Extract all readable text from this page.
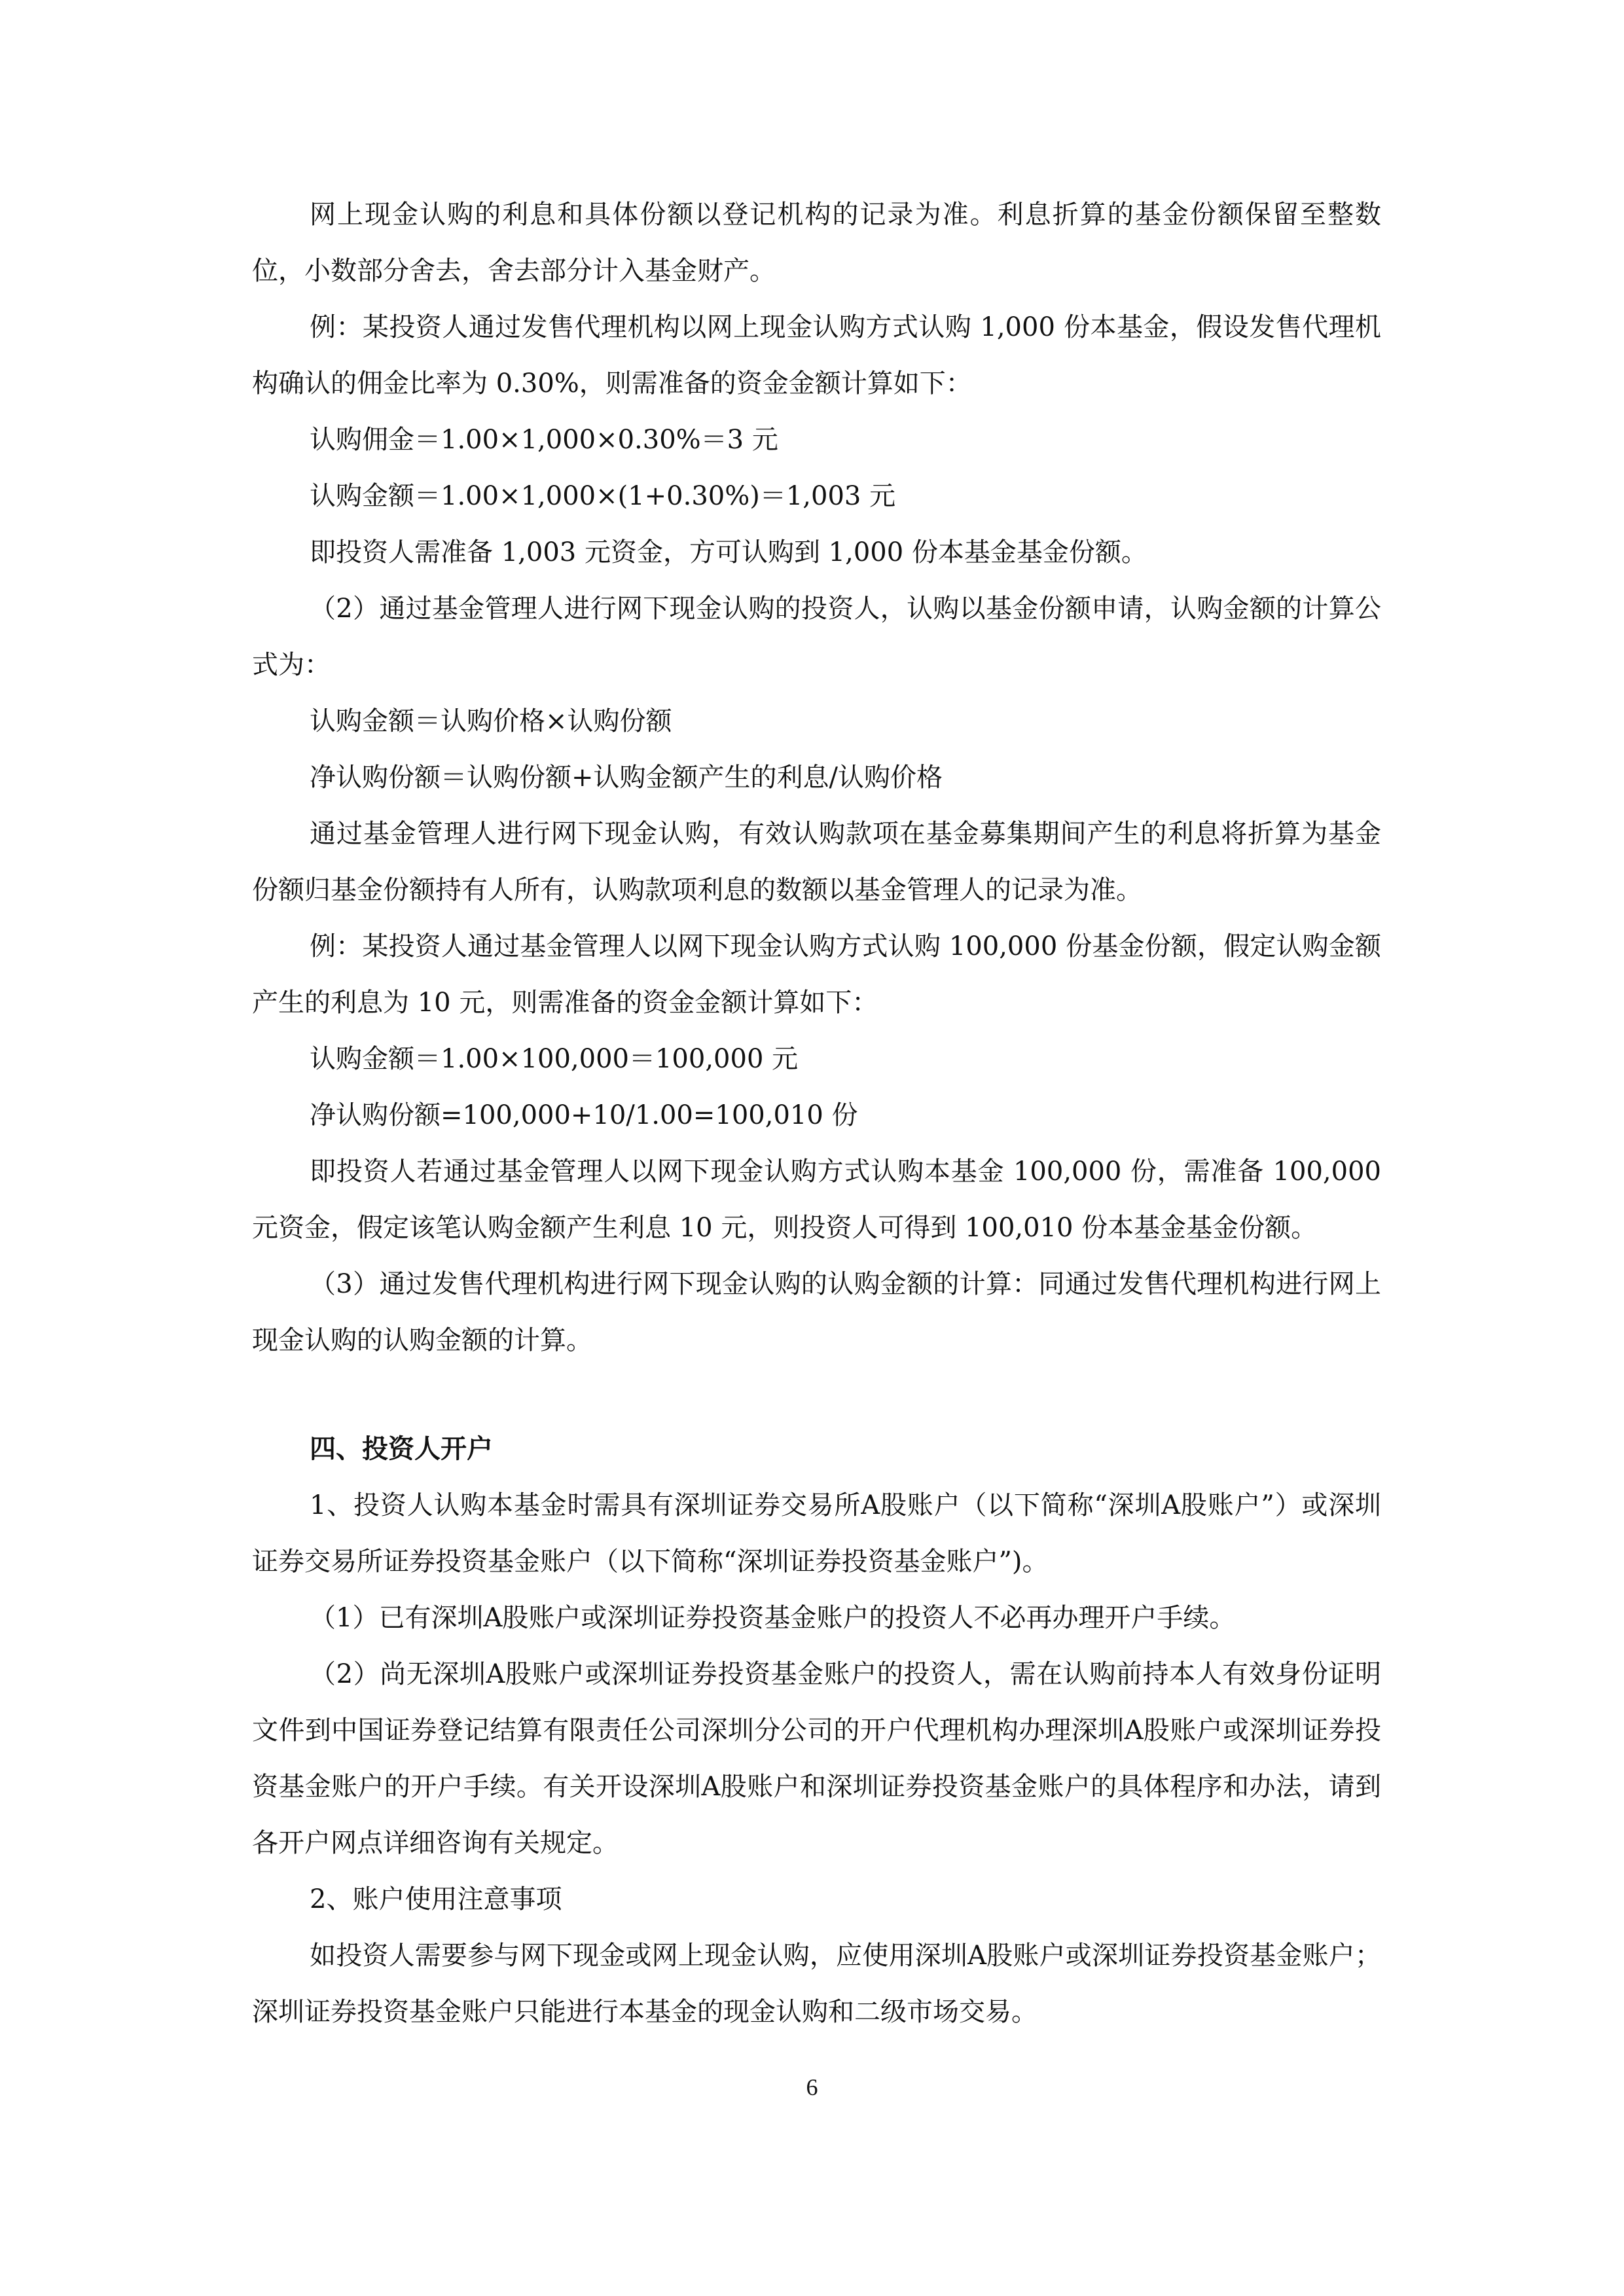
网上现金认购的利息和具体份额以登记机构的记录为准。利息折算的基金份额保留至整数位，小数部分舍去，舍去部分计入基金财产。

例：某投资人通过发售代理机构以网上现金认购方式认购 1,000 份本基金，假设发售代理机构确认的佣金比率为 0.30%，则需准备的资金金额计算如下：

认购佣金＝1.00×1,000×0.30%＝3 元

认购金额＝1.00×1,000×(1+0.30%)＝1,003 元

即投资人需准备 1,003 元资金，方可认购到 1,000 份本基金基金份额。

（2）通过基金管理人进行网下现金认购的投资人，认购以基金份额申请，认购金额的计算公式为：

认购金额＝认购价格×认购份额

净认购份额＝认购份额+认购金额产生的利息/认购价格

通过基金管理人进行网下现金认购，有效认购款项在基金募集期间产生的利息将折算为基金份额归基金份额持有人所有，认购款项利息的数额以基金管理人的记录为准。

例：某投资人通过基金管理人以网下现金认购方式认购 100,000 份基金份额，假定认购金额产生的利息为 10 元，则需准备的资金金额计算如下：

认购金额＝1.00×100,000＝100,000 元

净认购份额=100,000+10/1.00=100,010 份

即投资人若通过基金管理人以网下现金认购方式认购本基金 100,000 份，需准备 100,000 元资金，假定该笔认购金额产生利息 10 元，则投资人可得到 100,010 份本基金基金份额。

（3）通过发售代理机构进行网下现金认购的认购金额的计算：同通过发售代理机构进行网上现金认购的认购金额的计算。

四、投资人开户

1、投资人认购本基金时需具有深圳证券交易所A股账户（以下简称“深圳A股账户”）或深圳证券交易所证券投资基金账户（以下简称“深圳证券投资基金账户”)。

（1）已有深圳A股账户或深圳证券投资基金账户的投资人不必再办理开户手续。

（2）尚无深圳A股账户或深圳证券投资基金账户的投资人，需在认购前持本人有效身份证明文件到中国证券登记结算有限责任公司深圳分公司的开户代理机构办理深圳A股账户或深圳证券投资基金账户的开户手续。有关开设深圳A股账户和深圳证券投资基金账户的具体程序和办法，请到各开户网点详细咨询有关规定。

2、账户使用注意事项

如投资人需要参与网下现金或网上现金认购，应使用深圳A股账户或深圳证券投资基金账户；深圳证券投资基金账户只能进行本基金的现金认购和二级市场交易。

6
